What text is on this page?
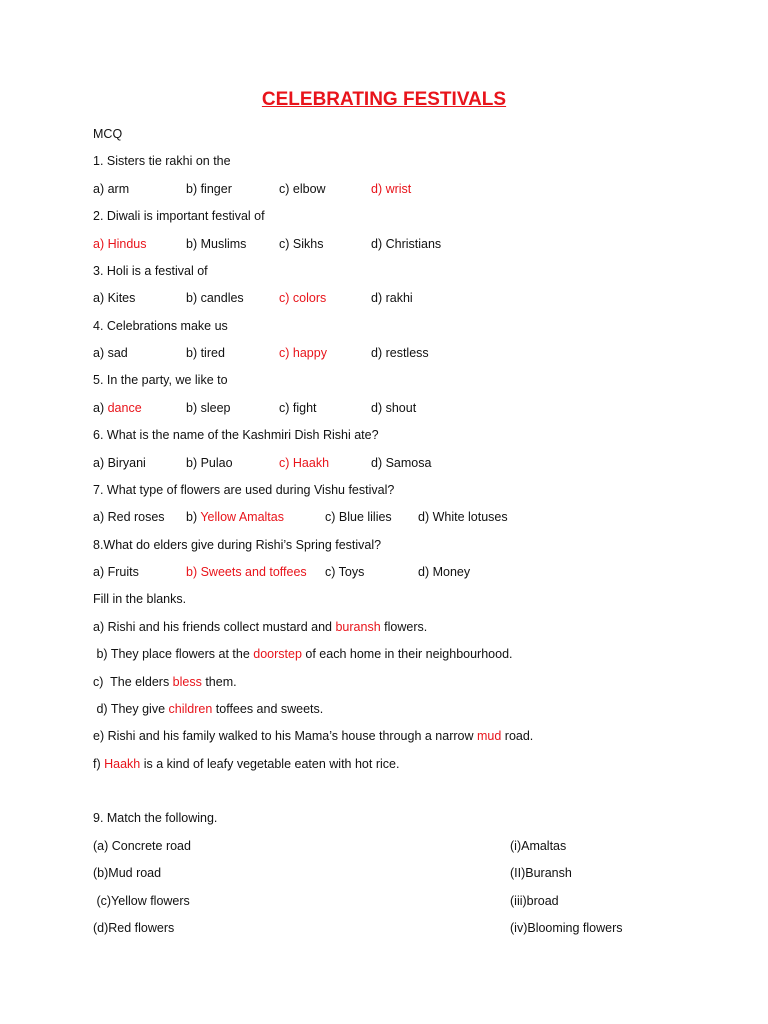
CELEBRATING FESTIVALS
MCQ
1. Sisters tie rakhi on the
a) arm	b) finger	c) elbow	d) wrist
2. Diwali is important festival of
a) Hindus	b) Muslims	c) Sikhs	d) Christians
3. Holi is a festival of
a) Kites	b) candles	c) colors	d) rakhi
4. Celebrations make us
a) sad	b) tired	c) happy	d) restless
5. In the party, we like to
a) dance	b) sleep	c) fight	d) shout
6. What is the name of the Kashmiri Dish Rishi ate?
a) Biryani	b) Pulao	c) Haakh	d) Samosa
7. What type of flowers are used during Vishu festival?
a) Red roses b) Yellow Amaltas	c) Blue lilies d) White lotuses
8.What do elders give during Rishi’s Spring festival?
a) Fruits	b) Sweets and toffees c) Toys	d) Money
Fill in the blanks.
a) Rishi and his friends collect mustard and buransh flowers.
b) They place flowers at the doorstep of each home in their neighbourhood.
c)  The elders bless them.
d) They give children toffees and sweets.
e) Rishi and his family walked to his Mama’s house through a narrow mud road.
f) Haakh is a kind of leafy vegetable eaten with hot rice.
9. Match the following.
(a) Concrete road	(i)Amaltas
(b)Mud road	(II)Buransh
(c)Yellow flowers	(iii)broad
(d)Red flowers	(iv)Blooming flowers
